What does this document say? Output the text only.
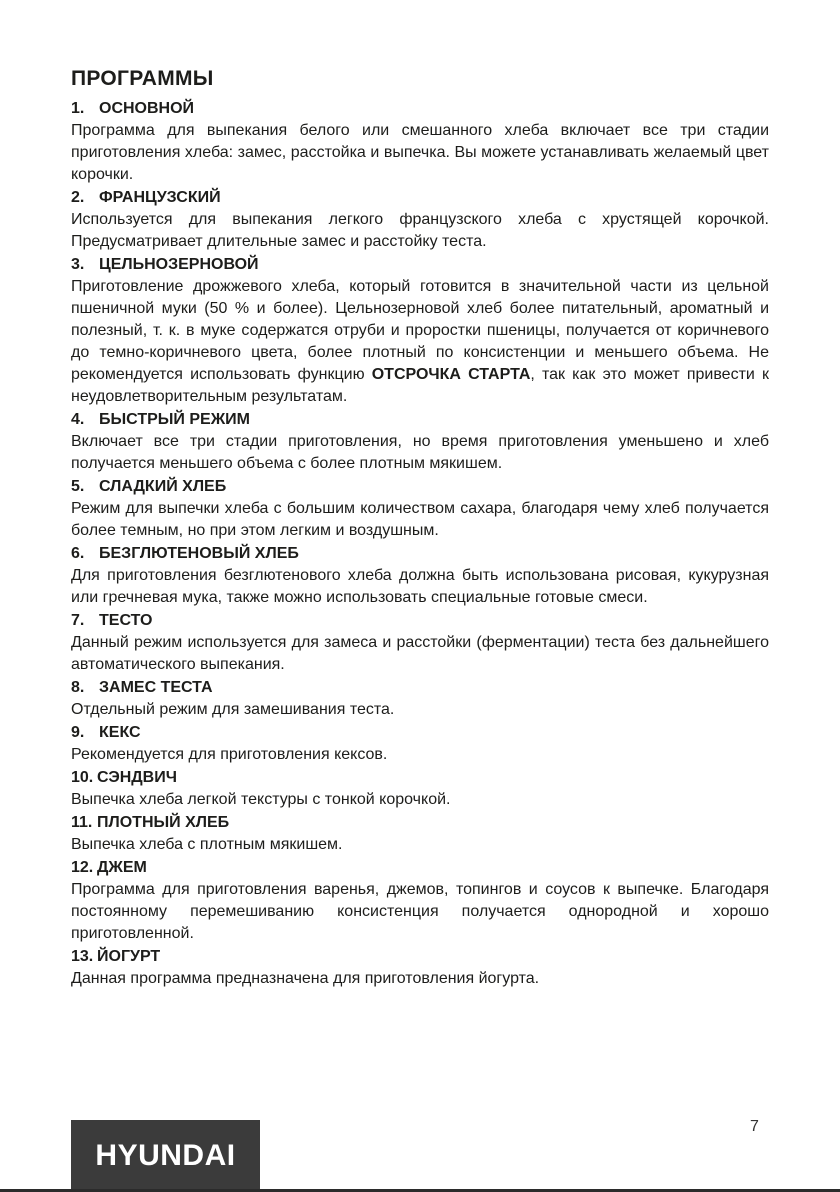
ПРОГРАММЫ

1. ОСНОВНОЙ

Программа для выпекания белого или смешанного хлеба включает все три стадии приготовления хлеба: замес, расстойка и выпечка. Вы можете устанавливать желаемый цвет корочки.

2. ФРАНЦУЗСКИЙ

Используется для выпекания легкого французского хлеба с хрустящей корочкой. Предусматривает длительные замес и расстойку теста.

3. ЦЕЛЬНОЗЕРНОВОЙ

Приготовление дрожжевого хлеба, который готовится в значительной части из цельной пшеничной муки (50 % и более). Цельнозерновой хлеб более питательный, ароматный и полезный, т. к. в муке содержатся отруби и проростки пшеницы, получается от коричневого до темно-коричневого цвета, более плотный по консистенции и меньшего объема. Не рекомендуется использовать функцию ОТСРОЧКА СТАРТА, так как это может привести к неудовлетворительным результатам.

4. БЫСТРЫЙ РЕЖИМ

Включает все три стадии приготовления, но время приготовления уменьшено и хлеб получается меньшего объема с более плотным мякишем.

5. СЛАДКИЙ ХЛЕБ

Режим для выпечки хлеба с большим количеством сахара, благодаря чему хлеб получается более темным, но при этом легким и воздушным.

6. БЕЗГЛЮТЕНОВЫЙ ХЛЕБ

Для приготовления безглютенового хлеба должна быть использована рисовая, кукурузная или гречневая мука, также можно использовать специальные готовые смеси.

7. ТЕСТО

Данный режим используется для замеса и расстойки (ферментации) теста без дальнейшего автоматического выпекания.

8. ЗАМЕС ТЕСТА

Отдельный режим для замешивания теста.

9. КЕКС

Рекомендуется для приготовления кексов.

10. СЭНДВИЧ

Выпечка хлеба легкой текстуры с тонкой корочкой.

11. ПЛОТНЫЙ ХЛЕБ

Выпечка хлеба с плотным мякишем.

12. ДЖЕМ

Программа для приготовления варенья, джемов, топингов и соусов к выпечке. Благодаря постоянному перемешиванию консистенция получается однородной и хорошо приготовленной.

13. ЙОГУРТ

Данная программа предназначена для приготовления йогурта.

7
HYUNDAI
